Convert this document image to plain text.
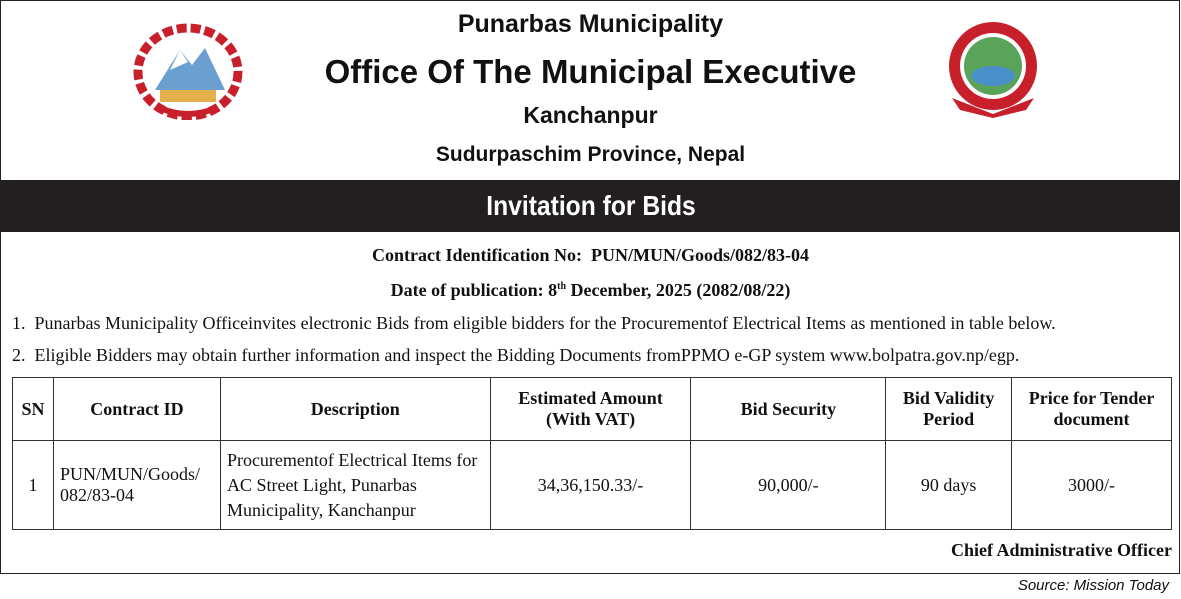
Punarbas Municipality
Office Of The Municipal Executive
Kanchanpur
Sudurpaschim Province, Nepal
Invitation for Bids
Contract Identification No:  PUN/MUN/Goods/082/83-04
Date of publication: 8th December, 2025 (2082/08/22)
1.  Punarbas Municipality Officeinvites electronic Bids from eligible bidders for the Procurementof Electrical Items as mentioned in table below.
2.  Eligible Bidders may obtain further information and inspect the Bidding Documents fromPPMO e-GP system www.bolpatra.gov.np/egp.
SN	Contract ID	Description	Estimated Amount (With VAT)	Bid Security	Bid Validity Period	Price for Tender document
1	PUN/MUN/Goods/ 082/83-04	Procurementof Electrical Items for AC Street Light, Punarbas Municipality, Kanchanpur	34,36,150.33/-	90,000/-	90 days	3000/-
Chief Administrative Officer
Source: Mission Today
